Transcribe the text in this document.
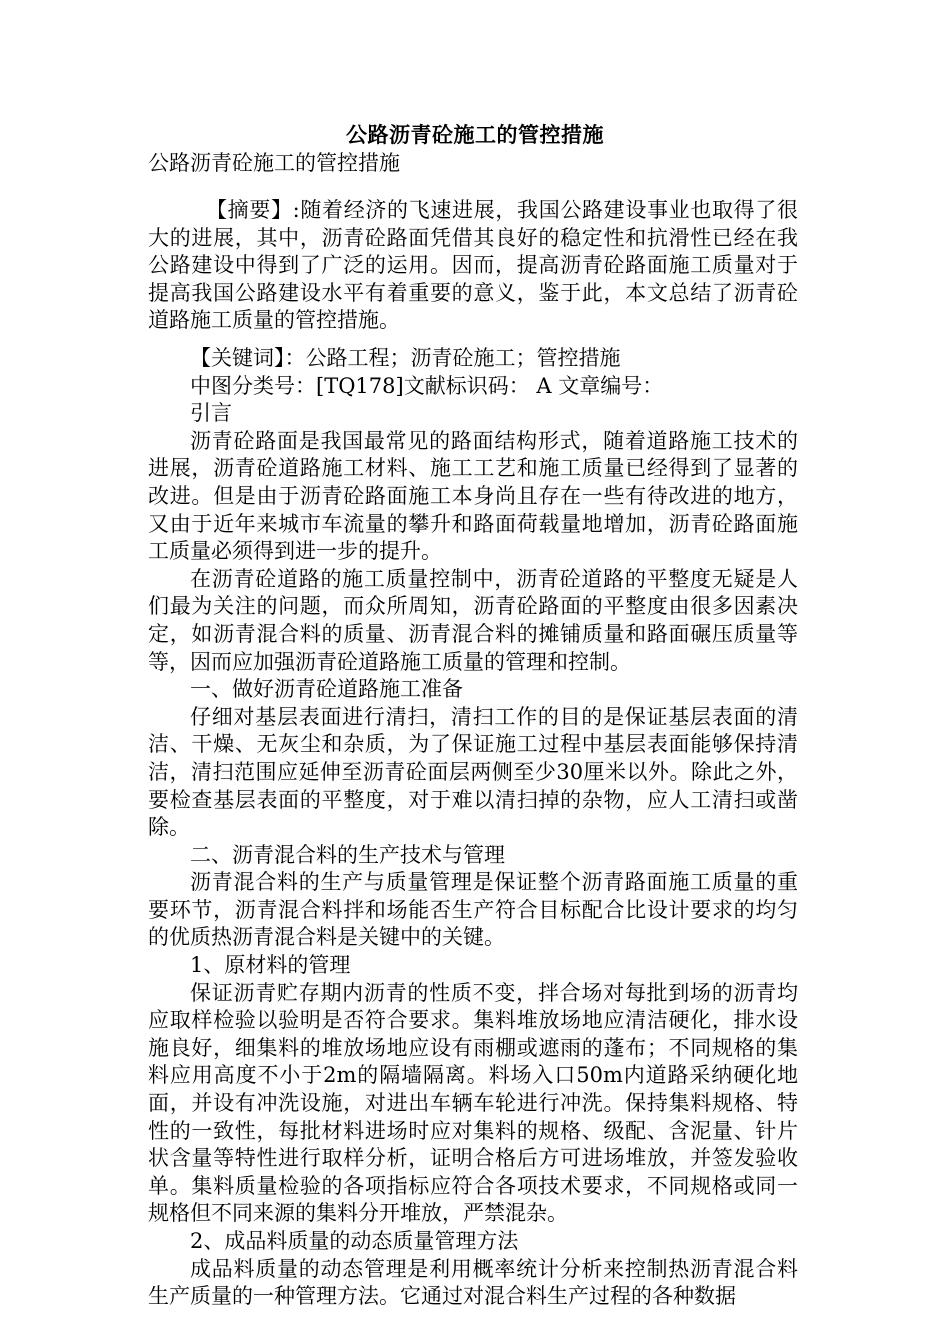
公路沥青砼施工的管控措施
公路沥青砼施工的管控措施
【摘要】:随着经济的飞速进展，我国公路建设事业也取得了很大的进展，其中，沥青砼路面凭借其良好的稳定性和抗滑性已经在我公路建设中得到了广泛的运用。因而，提高沥青砼路面施工质量对于提高我国公路建设水平有着重要的意义，鉴于此，本文总结了沥青砼道路施工质量的管控措施。

【关键词】：公路工程；沥青砼施工；管控措施

中图分类号：[TQ178]文献标识码： A 文章编号：

引言

沥青砼路面是我国最常见的路面结构形式，随着道路施工技术的进展，沥青砼道路施工材料、施工工艺和施工质量已经得到了显著的改进。但是由于沥青砼路面施工本身尚且存在一些有待改进的地方，又由于近年来城市车流量的攀升和路面荷载量地增加，沥青砼路面施工质量必须得到进一步的提升。

在沥青砼道路的施工质量控制中，沥青砼道路的平整度无疑是人们最为关注的问题，而众所周知，沥青砼路面的平整度由很多因素决定，如沥青混合料的质量、沥青混合料的摊铺质量和路面碾压质量等等，因而应加强沥青砼道路施工质量的管理和控制。

一、做好沥青砼道路施工准备

仔细对基层表面进行清扫，清扫工作的目的是保证基层表面的清洁、干燥、无灰尘和杂质，为了保证施工过程中基层表面能够保持清洁，清扫范围应延伸至沥青砼面层两侧至少30厘米以外。除此之外，要检查基层表面的平整度，对于难以清扫掉的杂物，应人工清扫或凿除。

二、沥青混合料的生产技术与管理

沥青混合料的生产与质量管理是保证整个沥青路面施工质量的重要环节，沥青混合料拌和场能否生产符合目标配合比设计要求的均匀的优质热沥青混合料是关键中的关键。

1、原材料的管理

保证沥青贮存期内沥青的性质不变，拌合场对每批到场的沥青均应取样检验以验明是否符合要求。集料堆放场地应清洁硬化，排水设施良好，细集料的堆放场地应设有雨棚或遮雨的蓬布；不同规格的集料应用高度不小于2m的隔墙隔离。料场入口50m内道路采纳硬化地面，并设有冲洗设施，对进出车辆车轮进行冲洗。保持集料规格、特性的一致性，每批材料进场时应对集料的规格、级配、含泥量、针片状含量等特性进行取样分析，证明合格后方可进场堆放，并签发验收单。集料质量检验的各项指标应符合各项技术要求，不同规格或同一规格但不同来源的集料分开堆放，严禁混杂。

2、成品料质量的动态质量管理方法

成品料质量的动态管理是利用概率统计分析来控制热沥青混合料生产质量的一种管理方法。它通过对混合料生产过程的各种数据
